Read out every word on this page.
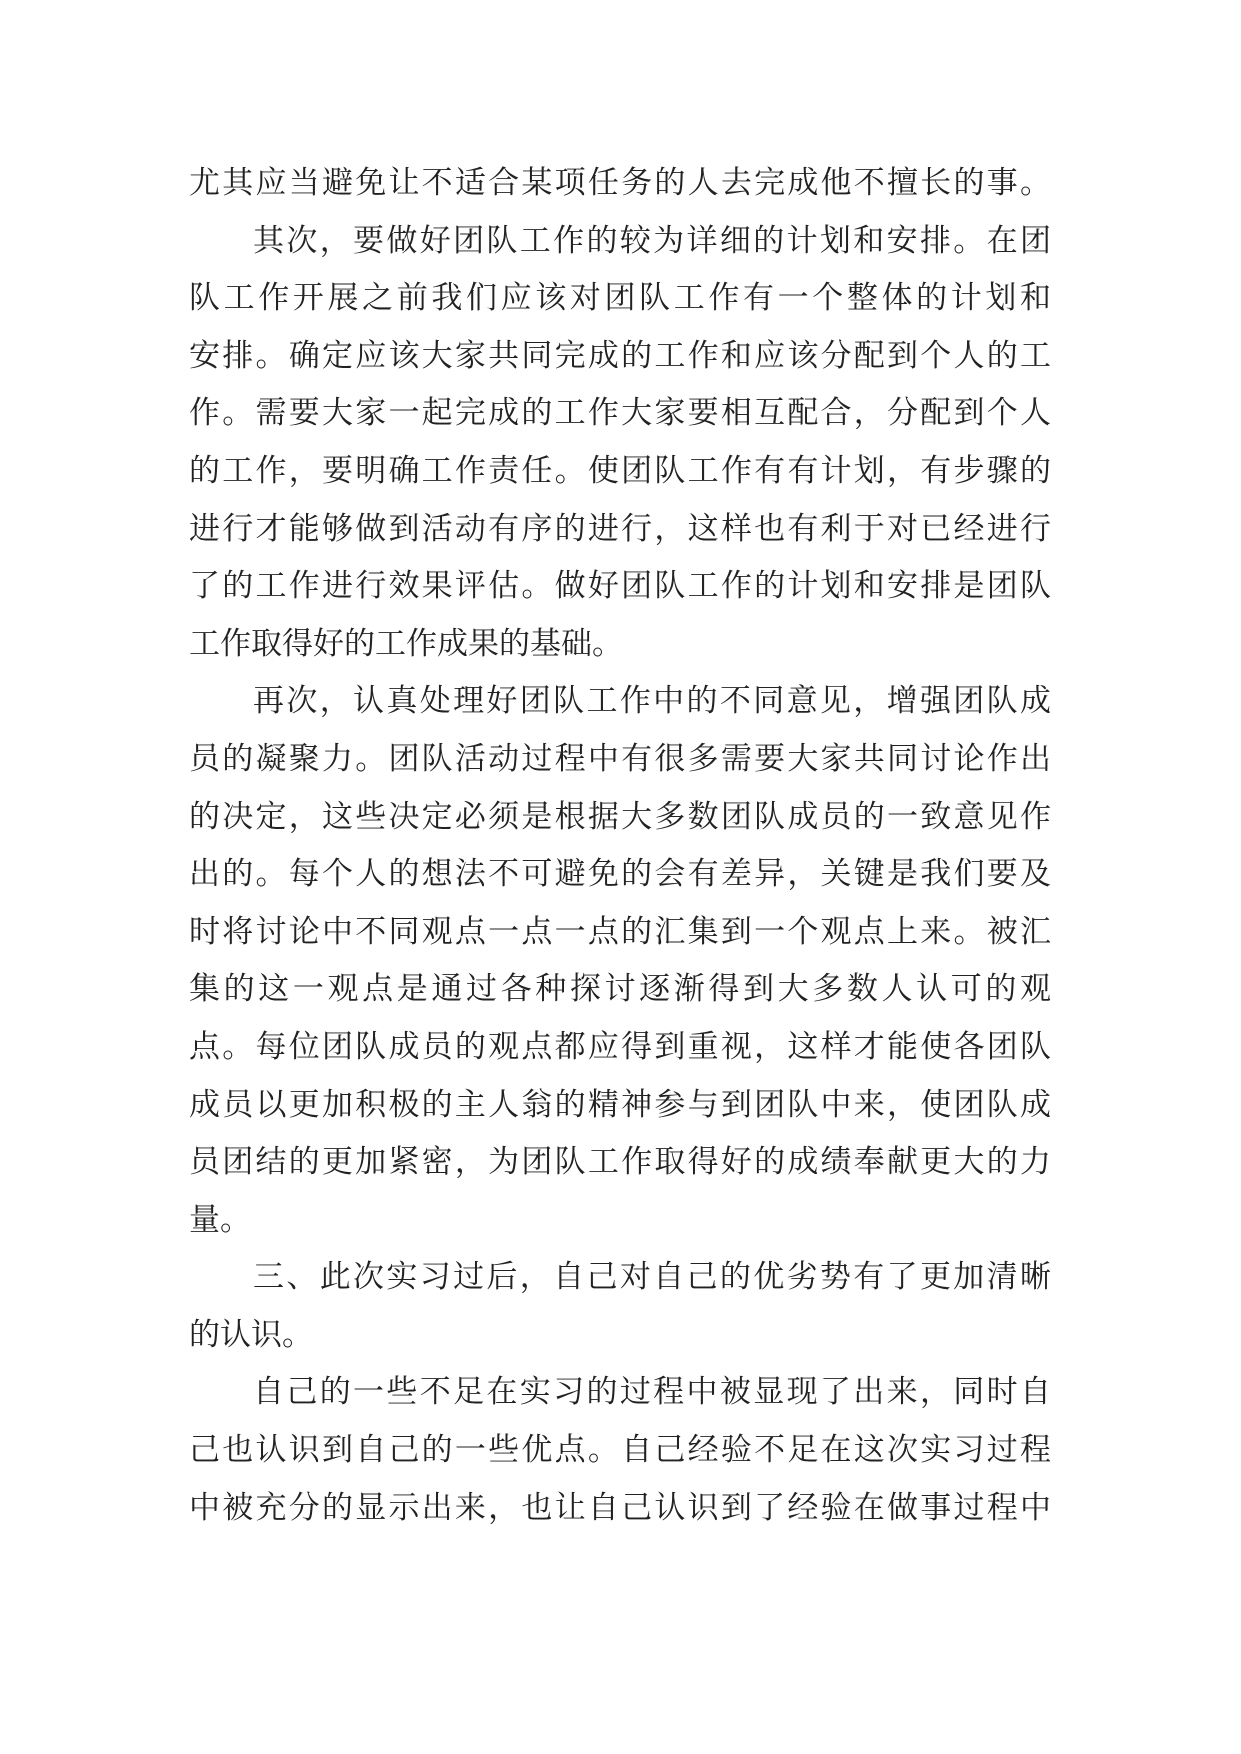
尤其应当避免让不适合某项任务的人去完成他不擅长的事。
其次，要做好团队工作的较为详细的计划和安排。在团
队工作开展之前我们应该对团队工作有一个整体的计划和
安排。确定应该大家共同完成的工作和应该分配到个人的工
作。需要大家一起完成的工作大家要相互配合，分配到个人
的工作，要明确工作责任。使团队工作有有计划，有步骤的
进行才能够做到活动有序的进行，这样也有利于对已经进行
了的工作进行效果评估。做好团队工作的计划和安排是团队
工作取得好的工作成果的基础。
再次，认真处理好团队工作中的不同意见，增强团队成
员的凝聚力。团队活动过程中有很多需要大家共同讨论作出
的决定，这些决定必须是根据大多数团队成员的一致意见作
出的。每个人的想法不可避免的会有差异，关键是我们要及
时将讨论中不同观点一点一点的汇集到一个观点上来。被汇
集的这一观点是通过各种探讨逐渐得到大多数人认可的观
点。每位团队成员的观点都应得到重视，这样才能使各团队
成员以更加积极的主人翁的精神参与到团队中来，使团队成
员团结的更加紧密，为团队工作取得好的成绩奉献更大的力
量。
三、此次实习过后，自己对自己的优劣势有了更加清晰
的认识。
自己的一些不足在实习的过程中被显现了出来，同时自
己也认识到自己的一些优点。自己经验不足在这次实习过程
中被充分的显示出来，也让自己认识到了经验在做事过程中
